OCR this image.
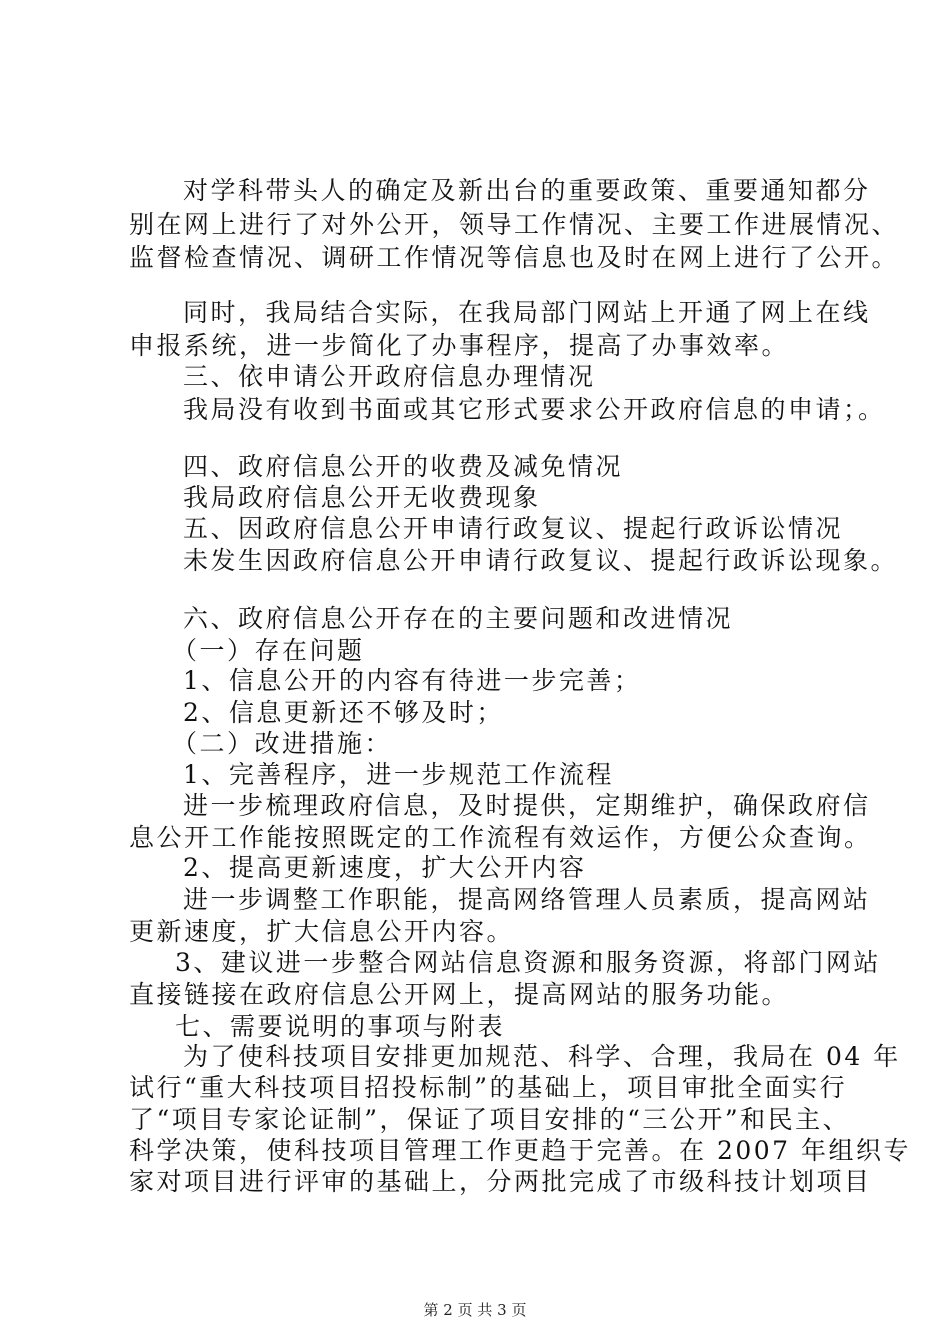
对学科带头人的确定及新出台的重要政策、重要通知都分
别在网上进行了对外公开，领导工作情况、主要工作进展情况、
监督检查情况、调研工作情况等信息也及时在网上进行了公开。
同时，我局结合实际，在我局部门网站上开通了网上在线
申报系统，进一步简化了办事程序，提高了办事效率。
三、依申请公开政府信息办理情况
我局没有收到书面或其它形式要求公开政府信息的申请；。
四、政府信息公开的收费及减免情况
我局政府信息公开无收费现象
五、因政府信息公开申请行政复议、提起行政诉讼情况
未发生因政府信息公开申请行政复议、提起行政诉讼现象。
六、政府信息公开存在的主要问题和改进情况
（一）存在问题
1、信息公开的内容有待进一步完善；
2、信息更新还不够及时；
（二）改进措施：
1、完善程序，进一步规范工作流程
进一步梳理政府信息，及时提供，定期维护，确保政府信
息公开工作能按照既定的工作流程有效运作，方便公众查询。
2、提高更新速度，扩大公开内容
进一步调整工作职能，提高网络管理人员素质，提高网站
更新速度，扩大信息公开内容。
3、建议进一步整合网站信息资源和服务资源，将部门网站
直接链接在政府信息公开网上，提高网站的服务功能。
七、需要说明的事项与附表
为了使科技项目安排更加规范、科学、合理，我局在 04 年
试行“重大科技项目招投标制”的基础上，项目审批全面实行
了“项目专家论证制”，保证了项目安排的“三公开”和民主、
科学决策，使科技项目管理工作更趋于完善。在 2007 年组织专
家对项目进行评审的基础上，分两批完成了市级科技计划项目
第 2 页 共 3 页
